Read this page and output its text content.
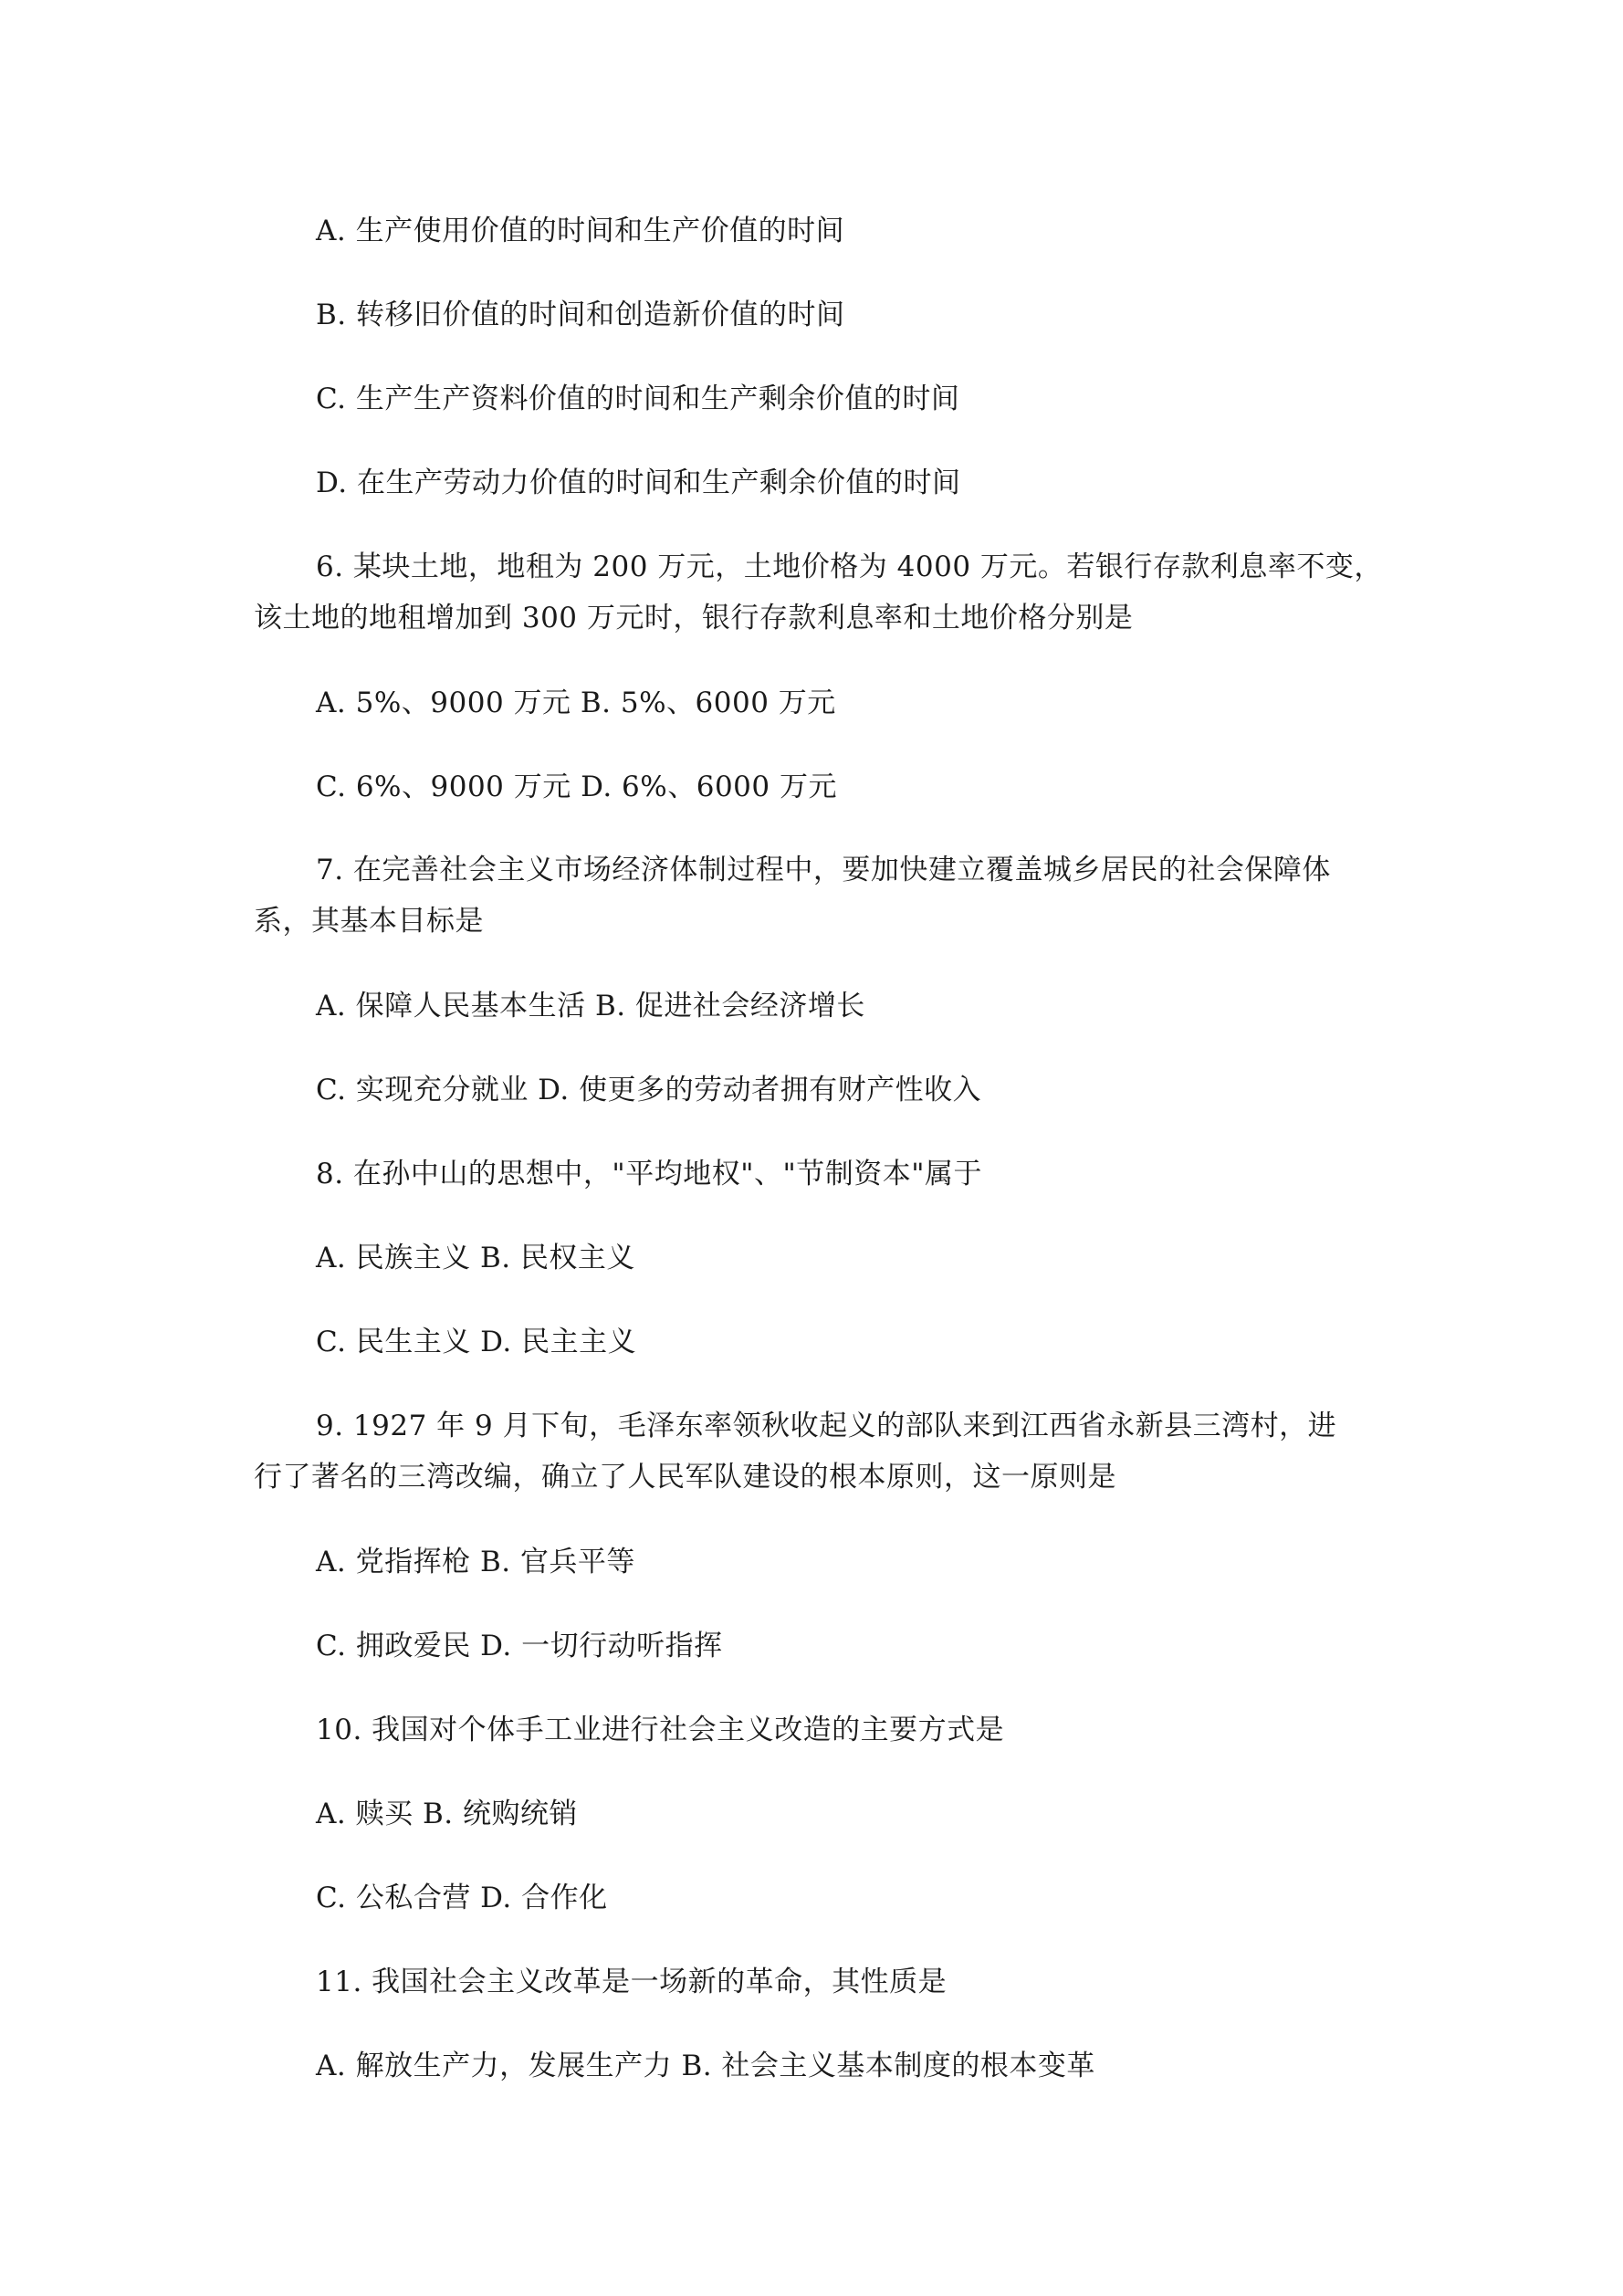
A. 生产使用价值的时间和生产价值的时间
B. 转移旧价值的时间和创造新价值的时间
C. 生产生产资料价值的时间和生产剩余价值的时间
D. 在生产劳动力价值的时间和生产剩余价值的时间
6. 某块土地，地租为 200 万元，土地价格为 4000 万元。若银行存款利息率不变，
该土地的地租增加到 300 万元时，银行存款利息率和土地价格分别是
A. 5%、9000 万元 B. 5%、6000 万元
C. 6%、9000 万元 D. 6%、6000 万元
7. 在完善社会主义市场经济体制过程中，要加快建立覆盖城乡居民的社会保障体
系，其基本目标是
A. 保障人民基本生活 B. 促进社会经济增长
C. 实现充分就业 D. 使更多的劳动者拥有财产性收入
8. 在孙中山的思想中，"平均地权"、"节制资本"属于
A. 民族主义 B. 民权主义
C. 民生主义 D. 民主主义
9. 1927 年 9 月下旬，毛泽东率领秋收起义的部队来到江西省永新县三湾村，进
行了著名的三湾改编，确立了人民军队建设的根本原则，这一原则是
A. 党指挥枪 B. 官兵平等
C. 拥政爱民 D. 一切行动听指挥
10. 我国对个体手工业进行社会主义改造的主要方式是
A. 赎买 B. 统购统销
C. 公私合营 D. 合作化
11. 我国社会主义改革是一场新的革命，其性质是
A. 解放生产力，发展生产力 B. 社会主义基本制度的根本变革
